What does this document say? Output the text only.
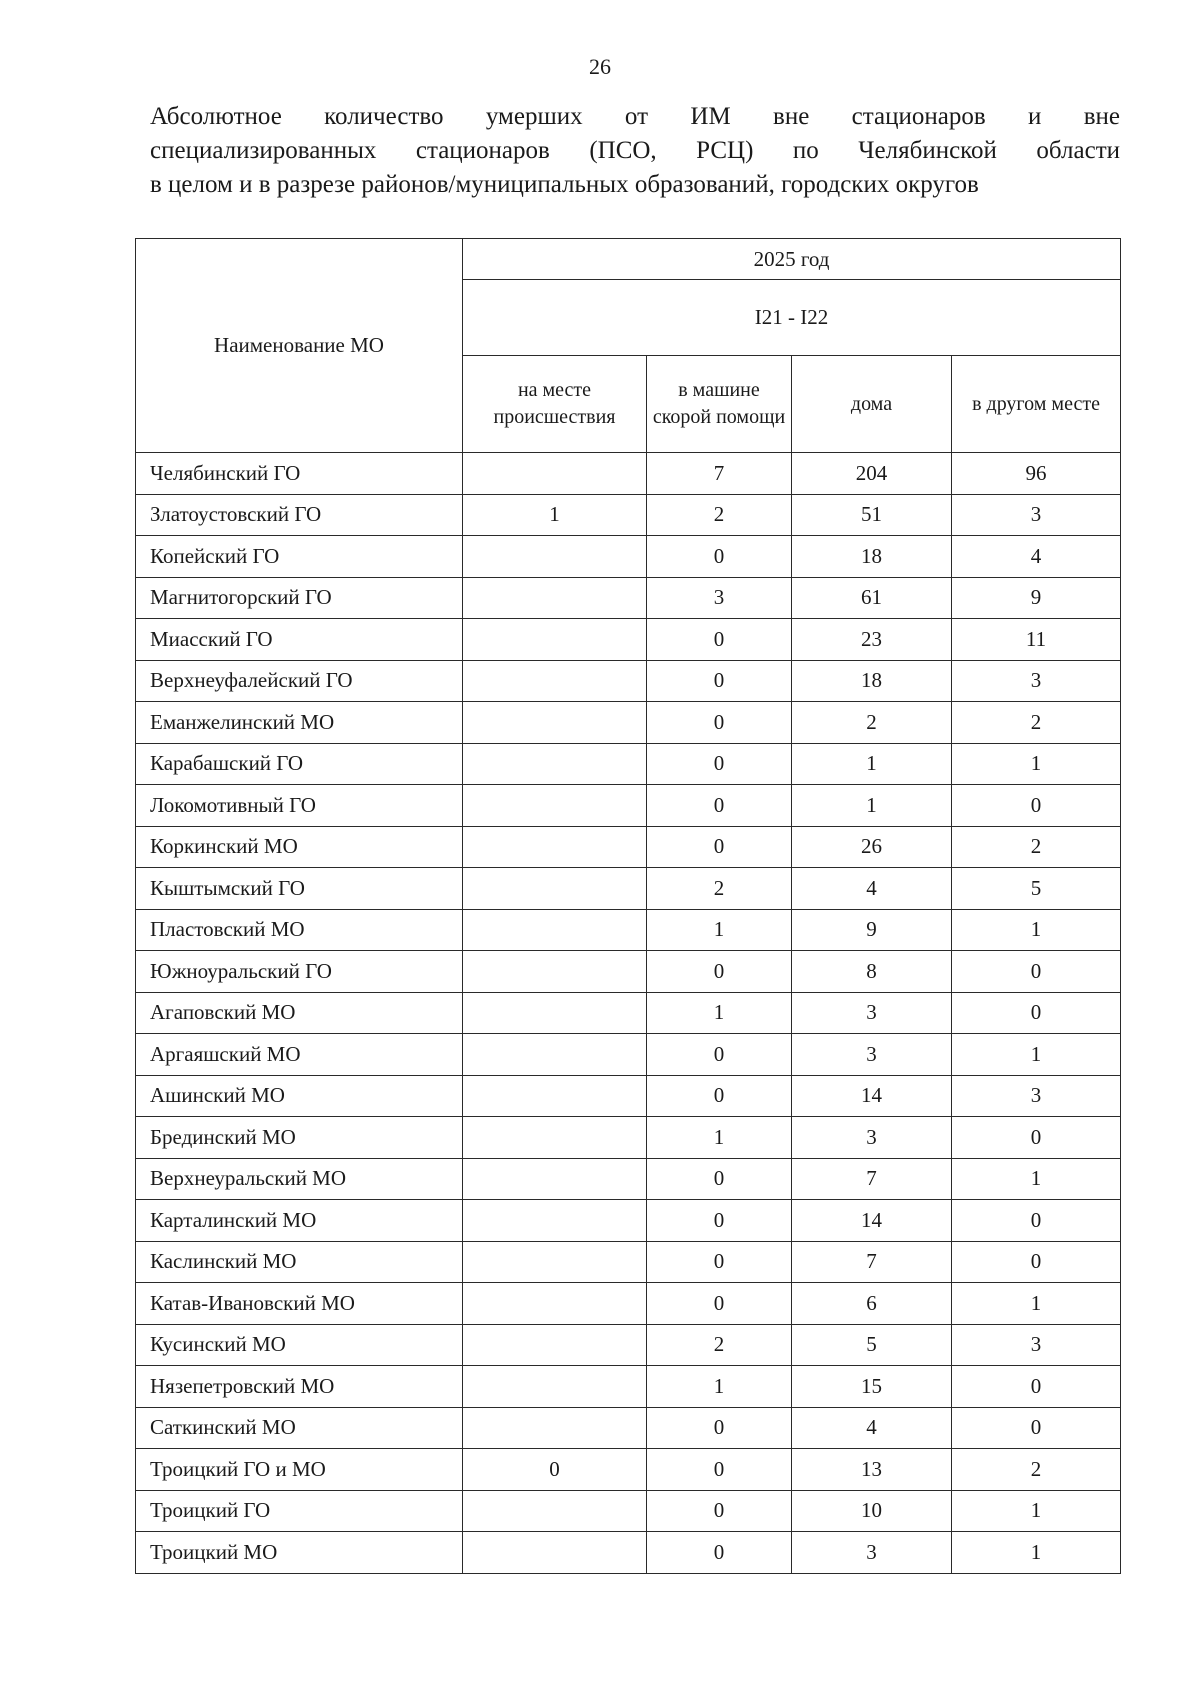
26
Абсолютное количество умерших от ИМ вне стационаров и вне
специализированных стационаров (ПСО, РСЦ) по Челябинской области
в целом и в разрезе районов/муниципальных образований, городских округов
Наименование МО	2025 год			
	I21 - I22			
	на месте происшествия	в машине скорой помощи	дома	в другом месте
Челябинский ГО		7	204	96
Златоустовский ГО	1	2	51	3
Копейский ГО		0	18	4
Магнитогорский ГО		3	61	9
Миасский ГО		0	23	11
Верхнеуфалейский ГО		0	18	3
Еманжелинский МО		0	2	2
Карабашский ГО		0	1	1
Локомотивный ГО		0	1	0
Коркинский МО		0	26	2
Кыштымский ГО		2	4	5
Пластовский МО		1	9	1
Южноуральский ГО		0	8	0
Агаповский МО		1	3	0
Аргаяшский МО		0	3	1
Ашинский МО		0	14	3
Брединский МО		1	3	0
Верхнеуральский МО		0	7	1
Карталинский МО		0	14	0
Каслинский МО		0	7	0
Катав-Ивановский МО		0	6	1
Кусинский МО		2	5	3
Нязепетровский МО		1	15	0
Саткинский МО		0	4	0
Троицкий ГО и МО	0	0	13	2
Троицкий ГО		0	10	1
Троицкий МО		0	3	1
